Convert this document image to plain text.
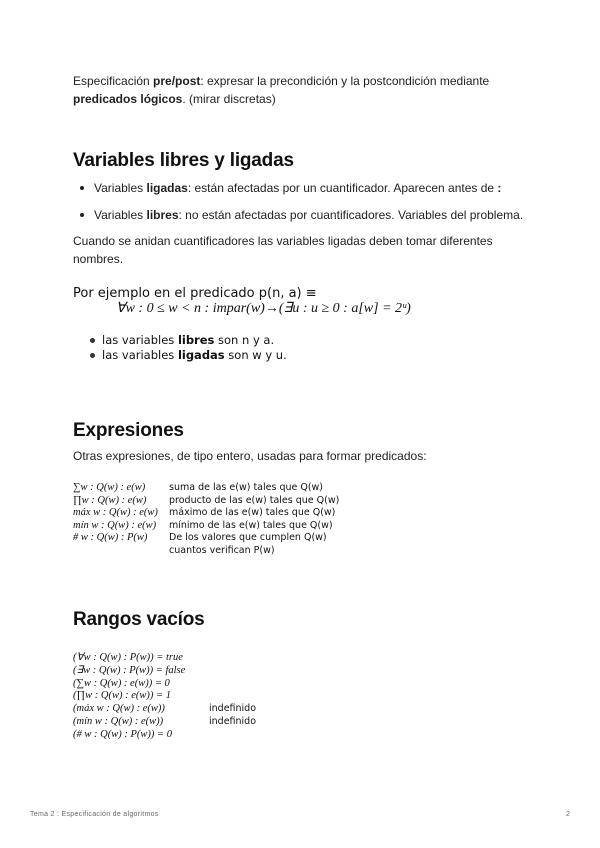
Especificación pre/post: expresar la precondición y la postcondición mediante
predicados lógicos. (mirar discretas)
Variables libres y ligadas
Variables ligadas: están afectadas por un cuantificador. Aparecen antes de :
Variables libres: no están afectadas por cuantificadores. Variables del problema.
Cuando se anidan cuantificadores las variables ligadas deben tomar diferentes
nombres.
Por ejemplo en el predicado p(n, a) ≡
∀w : 0 ≤ w < n : impar(w)→(∃u : u ≥ 0 : a[w] = 2ᵘ)
las variables libres son n y a.
las variables ligadas son w y u.
Expresiones
Otras expresiones, de tipo entero, usadas para formar predicados:
∑w : Q(w) : e(w)	suma de las e(w) tales que Q(w)
∏w : Q(w) : e(w)	producto de las e(w) tales que Q(w)
máx w : Q(w) : e(w)	máximo de las e(w) tales que Q(w)
mín w : Q(w) : e(w)	mínimo de las e(w) tales que Q(w)
# w : Q(w) : P(w)	De los valores que cumplen Q(w)
	cuantos verifican P(w)
Rangos vacíos
(∀w : Q(w) : P(w)) = true
(∃w : Q(w) : P(w)) = false
(∑w : Q(w) : e(w)) = 0
(∏w : Q(w) : e(w)) = 1
(máx w : Q(w) : e(w))	indefinido
(mín w : Q(w) : e(w))	indefinido
(# w : Q(w) : P(w)) = 0
Tema 2 : Especificación de algoritmos	2
